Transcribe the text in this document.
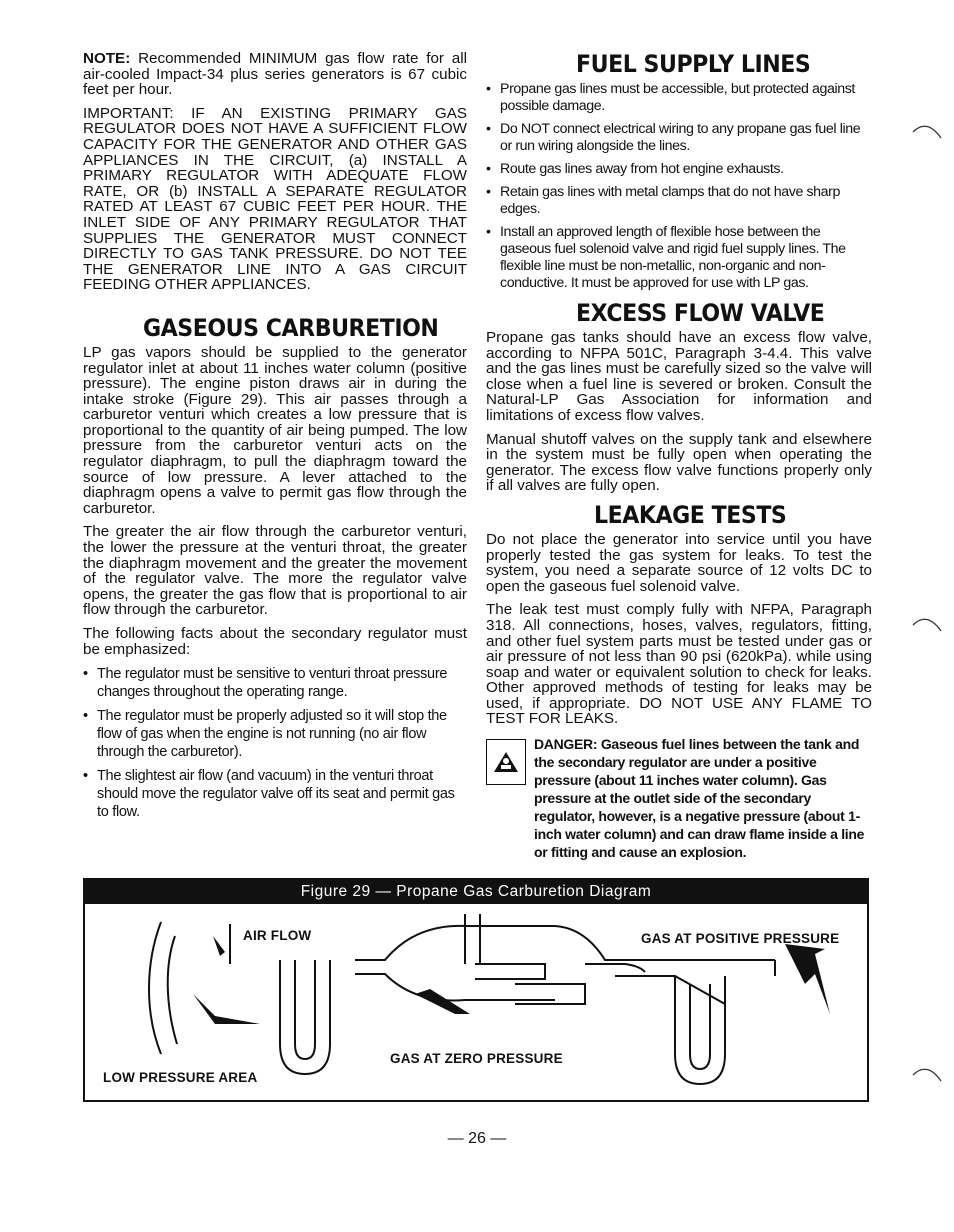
NOTE: Recommended MINIMUM gas flow rate for all air-cooled Impact-34 plus series generators is 67 cubic feet per hour.

IMPORTANT: IF AN EXISTING PRIMARY GAS REGULATOR DOES NOT HAVE A SUFFICIENT FLOW CAPACITY FOR THE GENERATOR AND OTHER GAS APPLIANCES IN THE CIRCUIT, (a) INSTALL A PRIMARY REGULATOR WITH ADEQUATE FLOW RATE, OR (b) INSTALL A SEPARATE REGULATOR RATED AT LEAST 67 CUBIC FEET PER HOUR. THE INLET SIDE OF ANY PRIMARY REGULATOR THAT SUPPLIES THE GENERATOR MUST CONNECT DIRECTLY TO GAS TANK PRESSURE. DO NOT TEE THE GENERATOR LINE INTO A GAS CIRCUIT FEEDING OTHER APPLIANCES.

GASEOUS CARBURETION

LP gas vapors should be supplied to the generator regulator inlet at about 11 inches water column (positive pressure). The engine piston draws air in during the intake stroke (Figure 29). This air passes through a carburetor venturi which creates a low pressure that is proportional to the quantity of air being pumped. The low pressure from the carburetor venturi acts on the regulator diaphragm, to pull the diaphragm toward the source of low pressure. A lever attached to the diaphragm opens a valve to permit gas flow through the carburetor.

The greater the air flow through the carburetor venturi, the lower the pressure at the venturi throat, the greater the diaphragm movement and the greater the movement of the regulator valve. The more the regulator valve opens, the greater the gas flow that is proportional to air flow through the carburetor.

The following facts about the secondary regulator must be emphasized:

• The regulator must be sensitive to venturi throat pressure changes throughout the operating range.
• The regulator must be properly adjusted so it will stop the flow of gas when the engine is not running (no air flow through the carburetor).
• The slightest air flow (and vacuum) in the venturi throat should move the regulator valve off its seat and permit gas to flow.
FUEL SUPPLY LINES
• Propane gas lines must be accessible, but protected against possible damage.
• Do NOT connect electrical wiring to any propane gas fuel line or run wiring alongside the lines.
• Route gas lines away from hot engine exhausts.
• Retain gas lines with metal clamps that do not have sharp edges.
• Install an approved length of flexible hose between the gaseous fuel solenoid valve and rigid fuel supply lines. The flexible line must be non-metallic, non-organic and non-conductive. It must be approved for use with LP gas.
EXCESS FLOW VALVE

Propane gas tanks should have an excess flow valve, according to NFPA 501C, Paragraph 3-4.4. This valve and the gas lines must be carefully sized so the valve will close when a fuel line is severed or broken. Consult the Natural-LP Gas Association for information and limitations of excess flow valves.

Manual shutoff valves on the supply tank and elsewhere in the system must be fully open when operating the generator. The excess flow valve functions properly only if all valves are fully open.

LEAKAGE TESTS

Do not place the generator into service until you have properly tested the gas system for leaks. To test the system, you need a separate source of 12 volts DC to open the gaseous fuel solenoid valve.

The leak test must comply fully with NFPA, Paragraph 318. All connections, hoses, valves, regulators, fitting, and other fuel system parts must be tested under gas or air pressure of not less than 90 psi (620kPa). while using soap and water or equivalent solution to check for leaks. Other approved methods of testing for leaks may be used, if appropriate. DO NOT USE ANY FLAME TO TEST FOR LEAKS.

DANGER: Gaseous fuel lines between the tank and the secondary regulator are under a positive pressure (about 11 inches water column). Gas pressure at the outlet side of the secondary regulator, however, is a negative pressure (about 1-inch water column) and can draw flame inside a line or fitting and cause an explosion.
Figure 29 — Propane Gas Carburetion Diagram
AIR FLOW	GAS AT POSITIVE PRESSURE
GAS AT ZERO PRESSURE
LOW PRESSURE AREA
— 26 —
